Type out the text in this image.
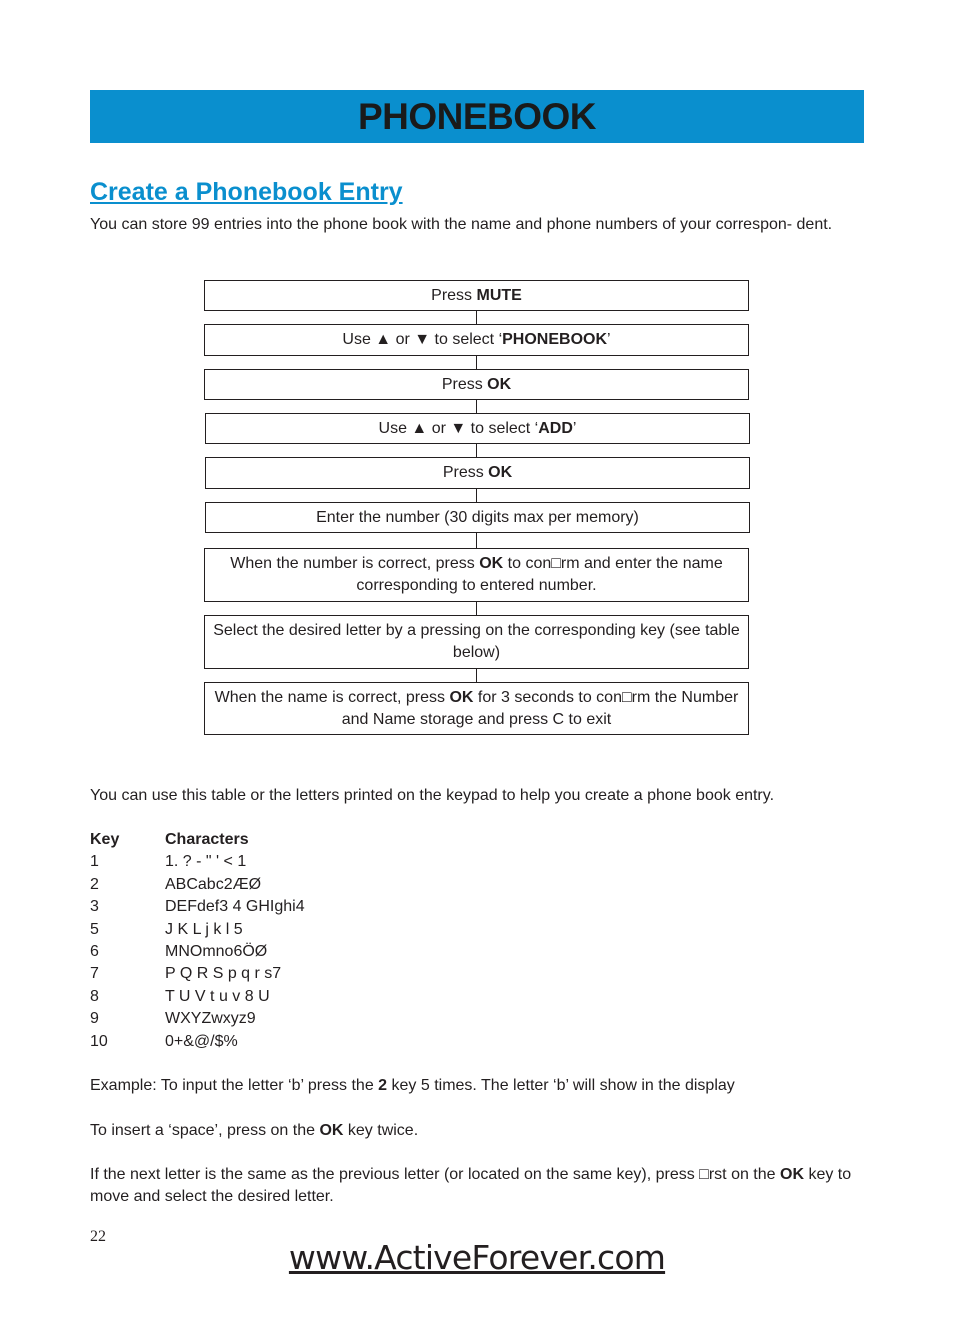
PHONEBOOK
Create a Phonebook Entry

You can store 99 entries into the phone book with the name and phone numbers of your correspon- dent.

Press MUTE
Use ▲ or ▼ to select ‘PHONEBOOK’
Press OK
Use ▲ or ▼ to select ‘ADD’
Press OK
Enter the number (30 digits max per memory)
When the number is correct, press OK to con□rm and enter the name corresponding to entered number.
Select the desired letter by a pressing on the corresponding key (see table below)
When the name is correct, press OK for 3 seconds to con□rm the Number and Name storage and press C to exit

You can use this table or the letters printed on the keypad to help you create a phone book entry.

Key	Characters
1	1. ? - " ' < 1
2	ABCabc2ÆØ
3	DEFdef3 4 GHIghi4
5	J K L j k l 5
6	MNOmno6ÖØ
7	P Q R S p q r s7
8	T U V t u v 8 U
9	WXYZwxyz9
10	0+&@/$%

Example: To input the letter ‘b’ press the 2 key 5 times. The letter ‘b’ will show in the display

To insert a ‘space’, press on the OK key twice.

If the next letter is the same as the previous letter (or located on the same key), press □rst on the OK key to move and select the desired letter.

22
www.ActiveForever.com
